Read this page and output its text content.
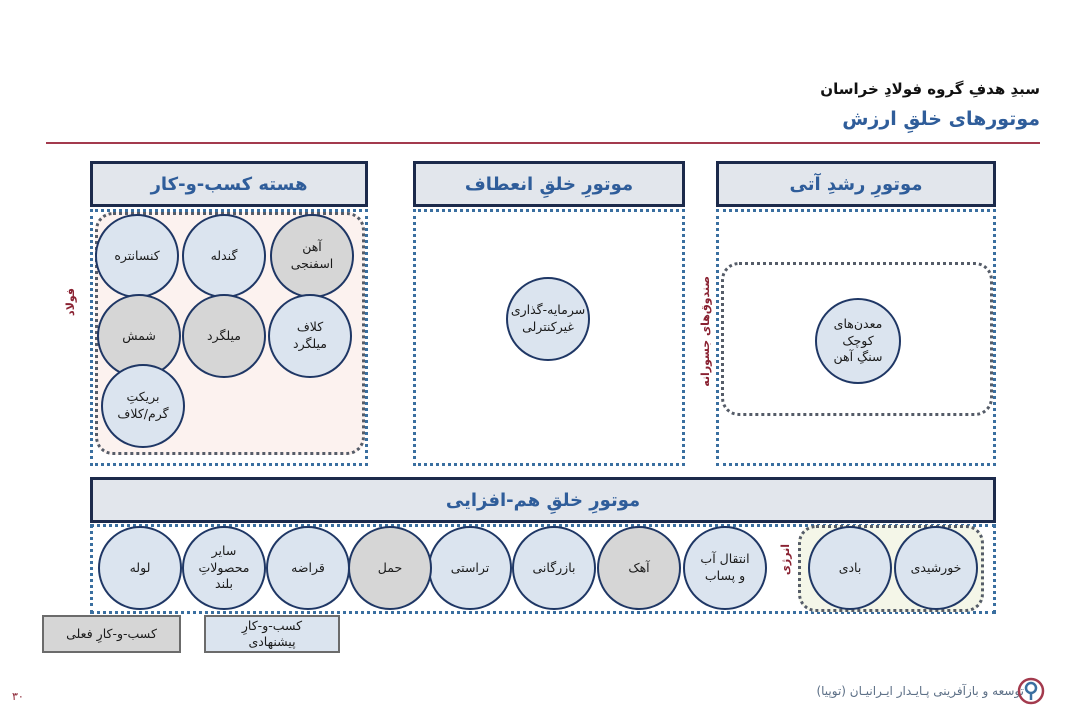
سبدِ هدفِ گروه فولادِ خراسان
موتورهای خلقِ ارزش
هسته کسب-و-کار	موتورِ خلقِ انعطاف	موتورِ رشدِ آتی
فولاد
آهن
اسفنجی
گندله
کنسانتره
کلاف
میلگرد
میلگرد
شمش
بریکتِ
گرم/کلاف
سرمایه-گذاری
غیرکنترلی	صندوق‌های جسورانه	معدن‌های
کوچک
سنگِ آهن
موتورِ خلقِ هم-افزایی
انرژی	خورشیدی
بادی
انتقال آب
و پساب
آهک
بازرگانی
تراستی
حمل
قراضه
سایر
محصولاتِ
بلند
لوله
کسب-و-کارِ فعلی
کسب-و-کارِ
پیشنهادی
توسعه و بازآفرینی پـایـدار ایـرانیـان (توپیا)
۳۰
